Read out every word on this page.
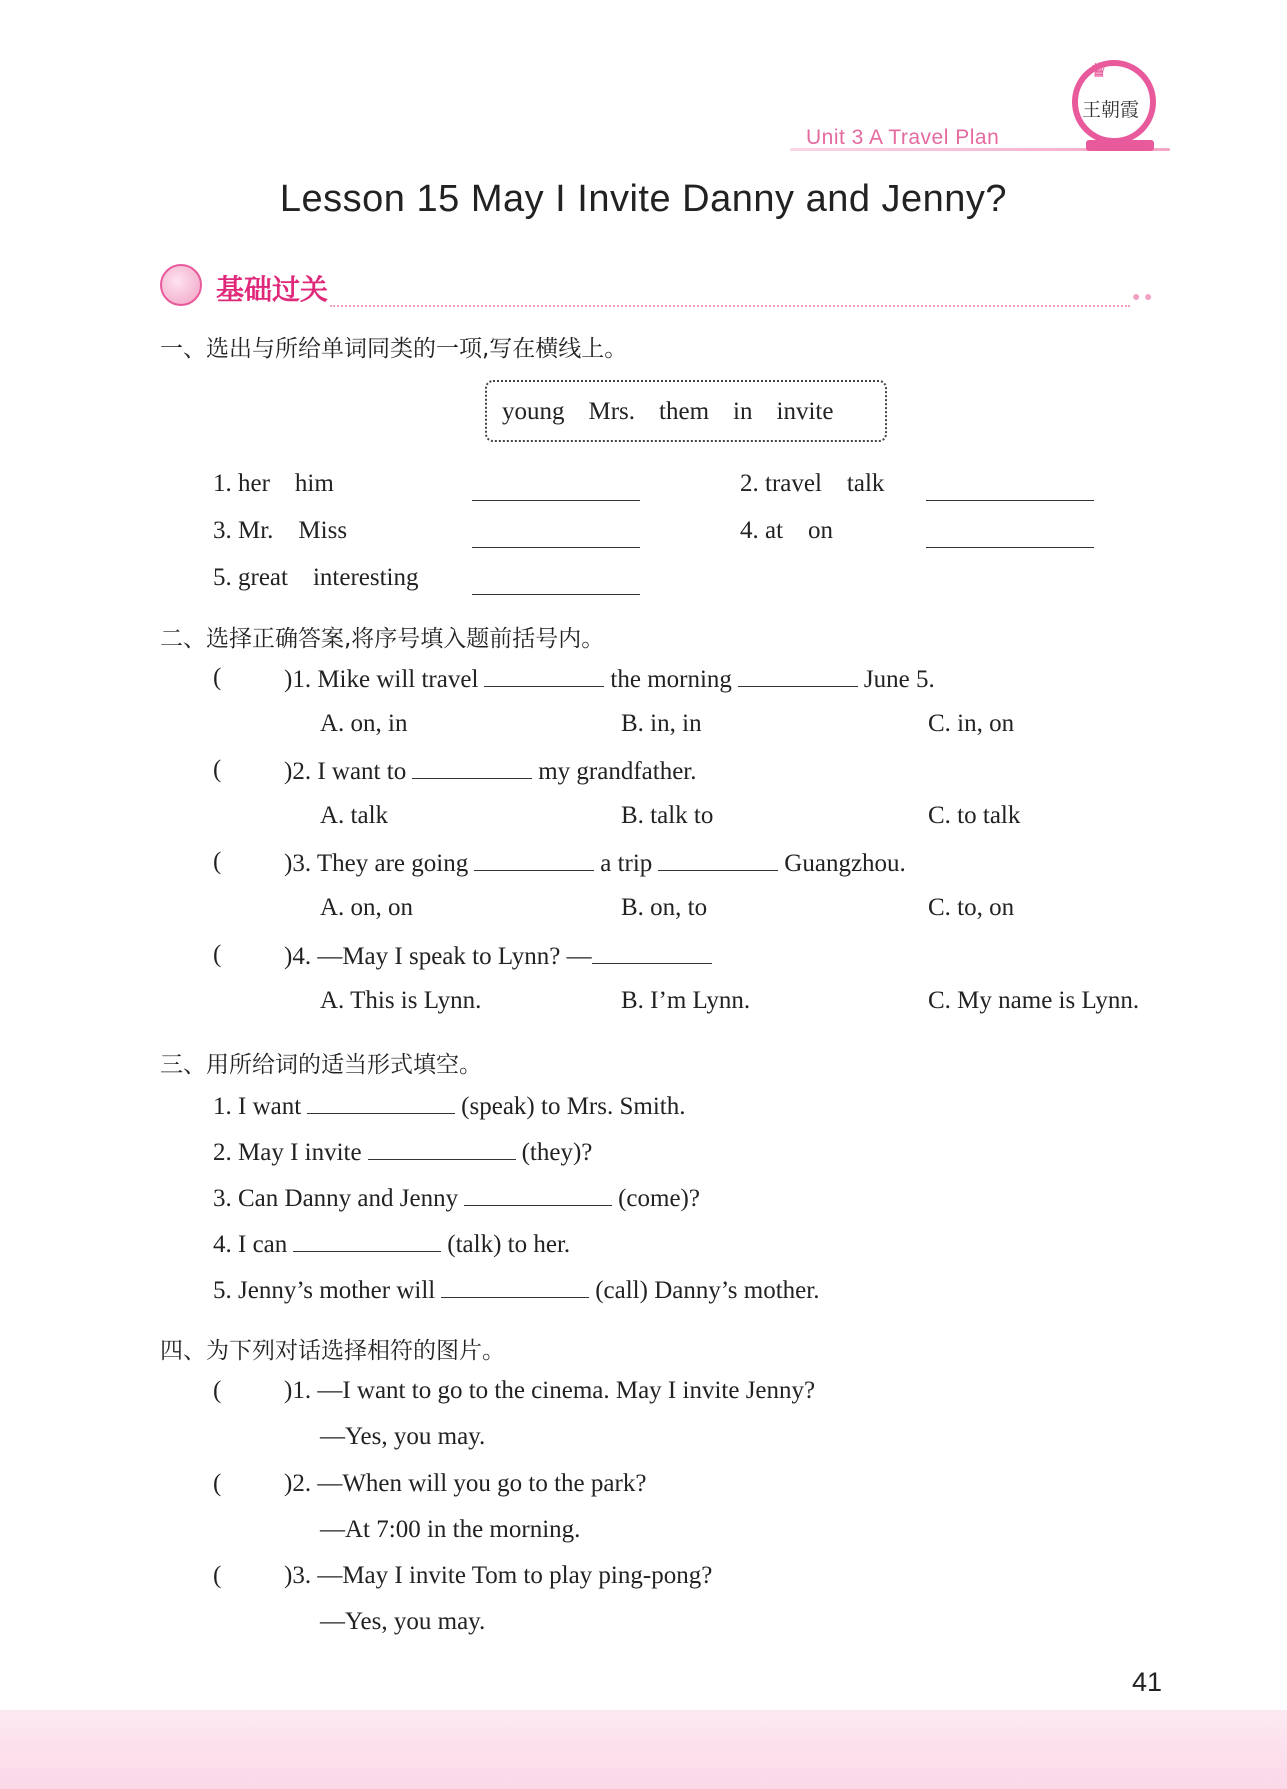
Unit 3 A Travel Plan
♛
王朝霞
Lesson 15 May I Invite Danny and Jenny?
基础过关	● ●
一、选出与所给单词同类的一项,写在横线上。
young Mrs. them in invite
1. her    him	2. travel    talk
3. Mr.    Miss	4. at    on
5. great    interesting
二、选择正确答案,将序号填入题前括号内。
(	)1. Mike will travel	the morning	June 5.
A. on, in	B. in, in	C. in, on
(	)2. I want to	my grandfather.
A. talk	B. talk to	C. to talk
(	)3. They are going	a trip	Guangzhou.
A. on, on	B. on, to	C. to, on
(	)4. —May I speak to Lynn? —
A. This is Lynn.	B. I’m Lynn.	C. My name is Lynn.
三、用所给词的适当形式填空。
1. I want	(speak) to Mrs. Smith.
2. May I invite	(they)?
3. Can Danny and Jenny	(come)?
4. I can	(talk) to her.
5. Jenny’s mother will	(call) Danny’s mother.
四、为下列对话选择相符的图片。
(	)1. —I want to go to the cinema. May I invite Jenny?
—Yes, you may.
(	)2. —When will you go to the park?
—At 7:00 in the morning.
(	)3. —May I invite Tom to play ping-pong?
—Yes, you may.
41
